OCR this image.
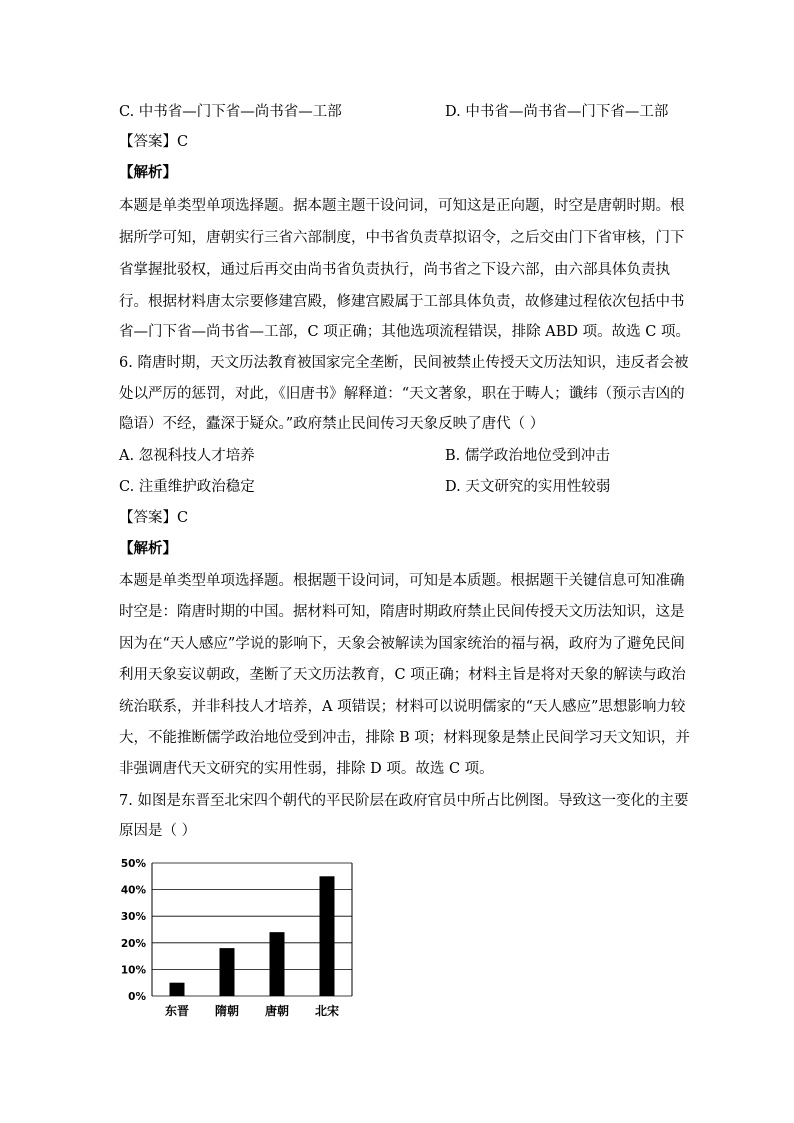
C. 中书省—门下省—尚书省—工部	D. 中书省—尚书省—门下省—工部
【答案】C
【解析】
本题是单类型单项选择题。据本题主题干设问词，可知这是正向题，时空是唐朝时期。根
据所学可知，唐朝实行三省六部制度，中书省负责草拟诏令，之后交由门下省审核，门下
省掌握批驳权，通过后再交由尚书省负责执行，尚书省之下设六部，由六部具体负责执
行。根据材料唐太宗要修建宫殿，修建宫殿属于工部具体负责，故修建过程依次包括中书
省—门下省—尚书省—工部，C 项正确；其他选项流程错误，排除 ABD 项。故选 C 项。
6. 隋唐时期，天文历法教育被国家完全垄断，民间被禁止传授天文历法知识，违反者会被
处以严厉的惩罚，对此，《旧唐书》解释道：“天文著象，职在于畴人；谶纬（预示吉凶的
隐语）不经，蠹深于疑众。”政府禁止民间传习天象反映了唐代（ ）
A. 忽视科技人才培养	B. 儒学政治地位受到冲击
C. 注重维护政治稳定	D. 天文研究的实用性较弱
【答案】C
【解析】
本题是单类型单项选择题。根据题干设问词，可知是本质题。根据题干关键信息可知准确
时空是：隋唐时期的中国。据材料可知，隋唐时期政府禁止民间传授天文历法知识，这是
因为在“天人感应”学说的影响下，天象会被解读为国家统治的福与祸，政府为了避免民间
利用天象妄议朝政，垄断了天文历法教育，C 项正确；材料主旨是将对天象的解读与政治
统治联系，并非科技人才培养，A 项错误；材料可以说明儒家的“天人感应”思想影响力较
大，不能推断儒学政治地位受到冲击，排除 B 项；材料现象是禁止民间学习天文知识，并
非强调唐代天文研究的实用性弱，排除 D 项。故选 C 项。
7. 如图是东晋至北宋四个朝代的平民阶层在政府官员中所占比例图。导致这一变化的主要
原因是（ ）
0%
10%
20%
30%
40%
50%
东晋 隋朝 唐朝 北宋
